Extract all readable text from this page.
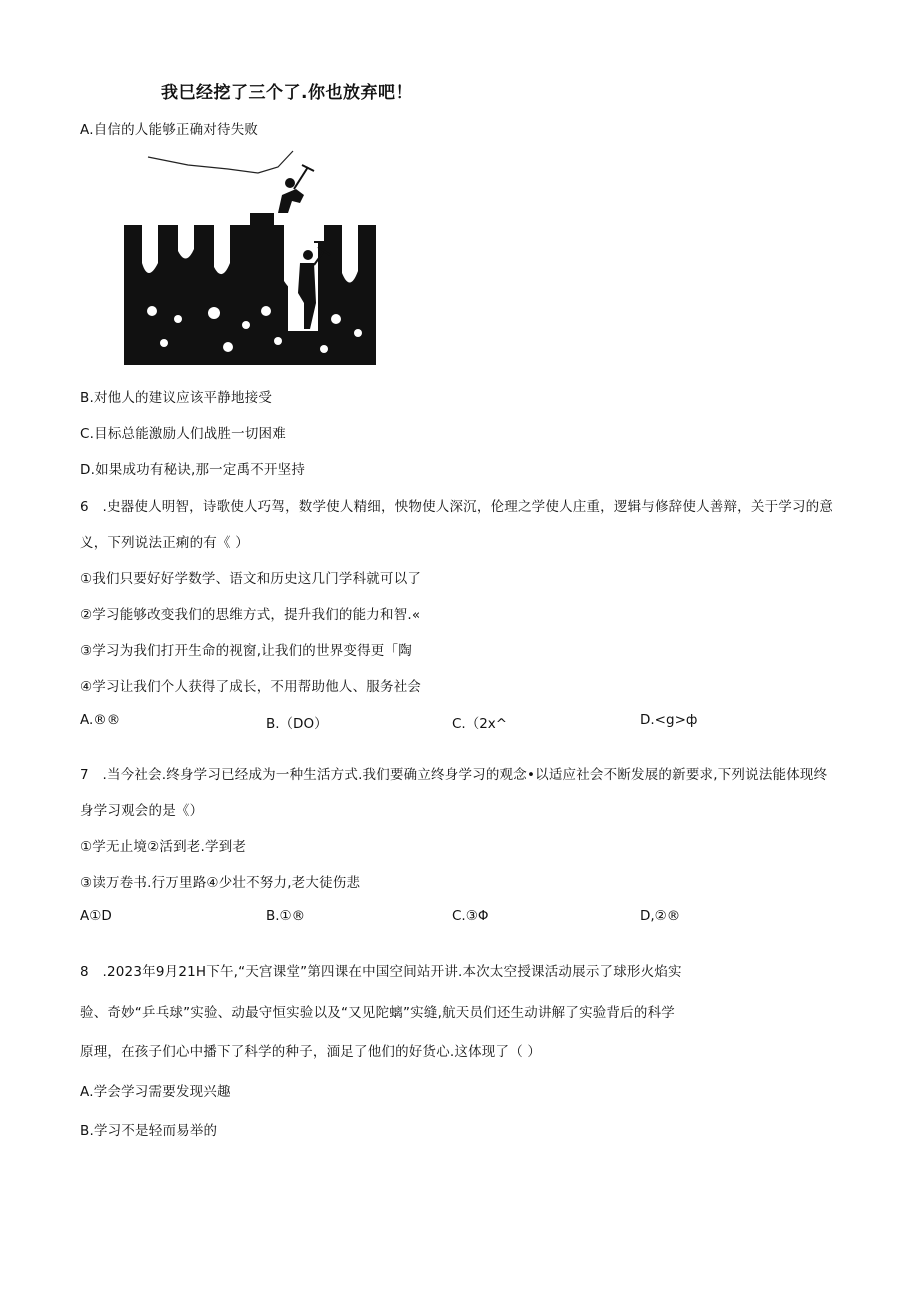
我巳经挖了三个了.你也放弃吧！
A.自信的人能够正确对待失败
B.对他人的建议应该平静地接受
C.目标总能激励人们战胜一切困难
D.如果成功有秘诀,那一定禹不开坚持
6　.史器使人明智，诗歌使人巧驾，数学使人精细，怏物使人深沉，伦理之学使人庄重，逻辑与修辞使人善辩，关于学习的意
义，下列说法正痢的有《 ）
①我们只要好好学数学、语文和历史这几门学科就可以了
②学习能够改变我们的思维方式，提升我们的能力和智.«
③学习为我们打开生命的视窗,让我们的世界变得更「陶
④学习让我们个人获得了成长，不用帮助他人、服务社会
A.®®	B.（DO）	C.（2x^	D.<g>ф
7　.当今社会.终身学习已经成为一种生活方式.我们要确立终身学习的观念•以适应社会不断发展的新要求,下列说法能体现终
身学习观会的是《）
①学无止境②活到老.学到老
③读万卷书.行万里路④少壮不努力,老大徒伤悲
A①D	B.①®	C.③Φ	D,②®
8　.2023年9月21H下午,“天宫课堂”第四课在中国空间站开讲.本次太空授课活动展示了球形火焰实
验、奇妙“乒乓球”实验、动最守恒实验以及“又见陀螭”实缝,航天员们还生动讲解了实验背后的科学
原理，在孩子们心中播下了科学的种子，湎足了他们的好货心.这体现了（ ）
A.学会学习需要发现兴趣
B.学习不是轻而易举的
